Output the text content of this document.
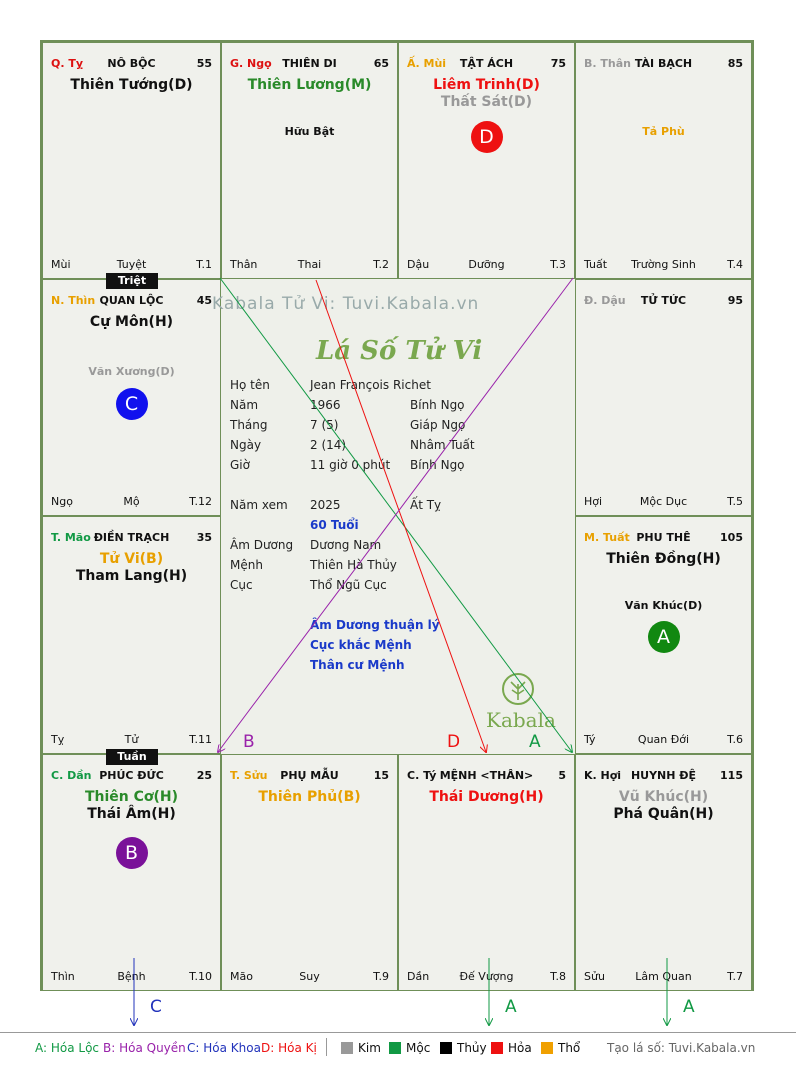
Q. Tỵ	NÔ BỘC	55
Thiên Tướng(D)
Mùi	Tuyệt	T.1
G. Ngọ THIÊN DI	65
Thiên Lương(M)
Hữu Bật
Thân	Thai	T.2
Ấ. Mùi	TẬT ÁCH	75
Liêm Trinh(D)
Thất Sát(D)
D
Dậu	Dưỡng	T.3
B. Thân TÀI BẠCH	85
Tả Phù
Tuất	Trường Sinh	T.4
N. Thìn QUAN LỘC	45
Cự Môn(H)
Văn Xương(D)
C
Ngọ	Mộ	T.12
Đ. Dậu	TỬ TỨC	95
Hợi	Mộc Dục	T.5
T. Mão ĐIỀN TRẠCH	35
Tử Vi(B)
Tham Lang(H)
Tỵ	Tử	T.11
M. Tuất PHU THÊ	105
Thiên Đồng(H)
Văn Khúc(D)
A
Tý	Quan Đới	T.6
C. Dần PHÚC ĐỨC	25
Thiên Cơ(H)
Thái Âm(H)
B
Thìn	Bệnh	T.10
T. Sửu	PHỤ MẪU	15
Thiên Phủ(B)
Mão	Suy	T.9
C. Tý MỆNH <THÂN>	5
Thái Dương(H)
Dần	Đế Vượng	T.8
K. Hợi HUYNH ĐỆ	115
Vũ Khúc(H)
Phá Quân(H)
Sửu	Lâm Quan	T.7
Triệt
Tuần
Kabala Tử Vi: Tuvi.Kabala.vn
Lá Số Tử Vi
Họ tên	Jean François Richet
Năm	1966	Bính Ngọ
Tháng	7 (5)	Giáp Ngọ
Ngày	2 (14)	Nhâm Tuất
Giờ	11 giờ 0 phút Bính Ngọ
Năm xem 2025	Ất Tỵ
60 Tuổi
Âm Dương Dương Nam
Mệnh	Thiên Hà Thủy
Cục	Thổ Ngũ Cục
Âm Dương thuận lý
Cục khắc Mệnh
Thân cư Mệnh
Kabala
B	D	A
C	A	A
A: Hóa Lộc B: Hóa Quyền C: Hóa Khoa D: Hóa Kị	Kim	Mộc	Thủy	Hỏa	Thổ Tạo lá số: Tuvi.Kabala.vn
